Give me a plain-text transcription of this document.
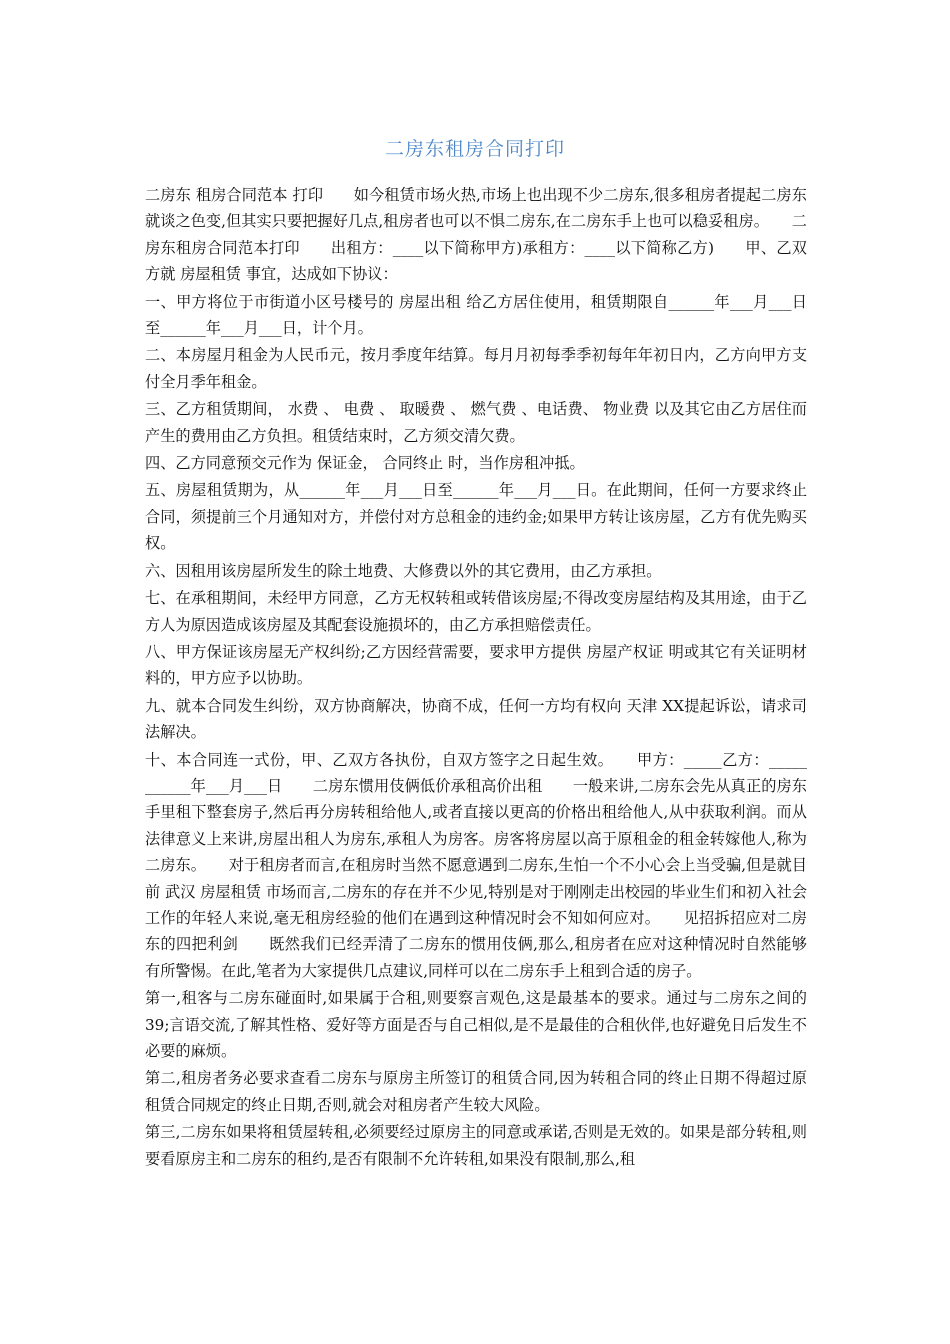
二房东租房合同打印

二房东 租房合同范本 打印　　如今租赁市场火热,市场上也出现不少二房东,很多租房者提起二房东就谈之色变,但其实只要把握好几点,租房者也可以不惧二房东,在二房东手上也可以稳妥租房。　　二房东租房合同范本打印　　出租方：____以下简称甲方)承租方：____以下简称乙方)　　甲、乙双方就 房屋租赁 事宜，达成如下协议：

一、甲方将位于市街道小区号楼号的 房屋出租 给乙方居住使用，租赁期限自______年___月___日至______年___月___日，计个月。

二、本房屋月租金为人民币元，按月季度年结算。每月月初每季季初每年年初日内，乙方向甲方支付全月季年租金。

三、乙方租赁期间， 水费 、 电费 、 取暖费 、 燃气费 、电话费、 物业费 以及其它由乙方居住而产生的费用由乙方负担。租赁结束时，乙方须交清欠费。

四、乙方同意预交元作为 保证金， 合同终止 时，当作房租冲抵。

五、房屋租赁期为，从______年___月___日至______年___月___日。在此期间，任何一方要求终止合同，须提前三个月通知对方，并偿付对方总租金的违约金;如果甲方转让该房屋，乙方有优先购买权。

六、因租用该房屋所发生的除土地费、大修费以外的其它费用，由乙方承担。

七、在承租期间，未经甲方同意，乙方无权转租或转借该房屋;不得改变房屋结构及其用途，由于乙方人为原因造成该房屋及其配套设施损坏的，由乙方承担赔偿责任。

八、甲方保证该房屋无产权纠纷;乙方因经营需要，要求甲方提供 房屋产权证 明或其它有关证明材料的，甲方应予以协助。

九、就本合同发生纠纷，双方协商解决，协商不成，任何一方均有权向 天津 XX提起诉讼，请求司法解决。

十、本合同连一式份，甲、乙双方各执份，自双方签字之日起生效。　　甲方：_____乙方：_____　　______年___月___日　　二房东惯用伎俩低价承租高价出租　　一般来讲,二房东会先从真正的房东手里租下整套房子,然后再分房转租给他人,或者直接以更高的价格出租给他人,从中获取利润。而从法律意义上来讲,房屋出租人为房东,承租人为房客。房客将房屋以高于原租金的租金转嫁他人,称为二房东。　　对于租房者而言,在租房时当然不愿意遇到二房东,生怕一个不小心会上当受骗,但是就目前 武汉 房屋租赁 市场而言,二房东的存在并不少见,特别是对于刚刚走出校园的毕业生们和初入社会工作的年轻人来说,毫无租房经验的他们在遇到这种情况时会不知如何应对。　　见招拆招应对二房东的四把利剑　　既然我们已经弄清了二房东的惯用伎俩,那么,租房者在应对这种情况时自然能够有所警惕。在此,笔者为大家提供几点建议,同样可以在二房东手上租到合适的房子。

第一,租客与二房东碰面时,如果属于合租,则要察言观色,这是最基本的要求。通过与二房东之间的39;言语交流,了解其性格、爱好等方面是否与自己相似,是不是最佳的合租伙伴,也好避免日后发生不必要的麻烦。

第二,租房者务必要求查看二房东与原房主所签订的租赁合同,因为转租合同的终止日期不得超过原租赁合同规定的终止日期,否则,就会对租房者产生较大风险。

第三,二房东如果将租赁屋转租,必须要经过原房主的同意或承诺,否则是无效的。如果是部分转租,则要看原房主和二房东的租约,是否有限制不允许转租,如果没有限制,那么,租
